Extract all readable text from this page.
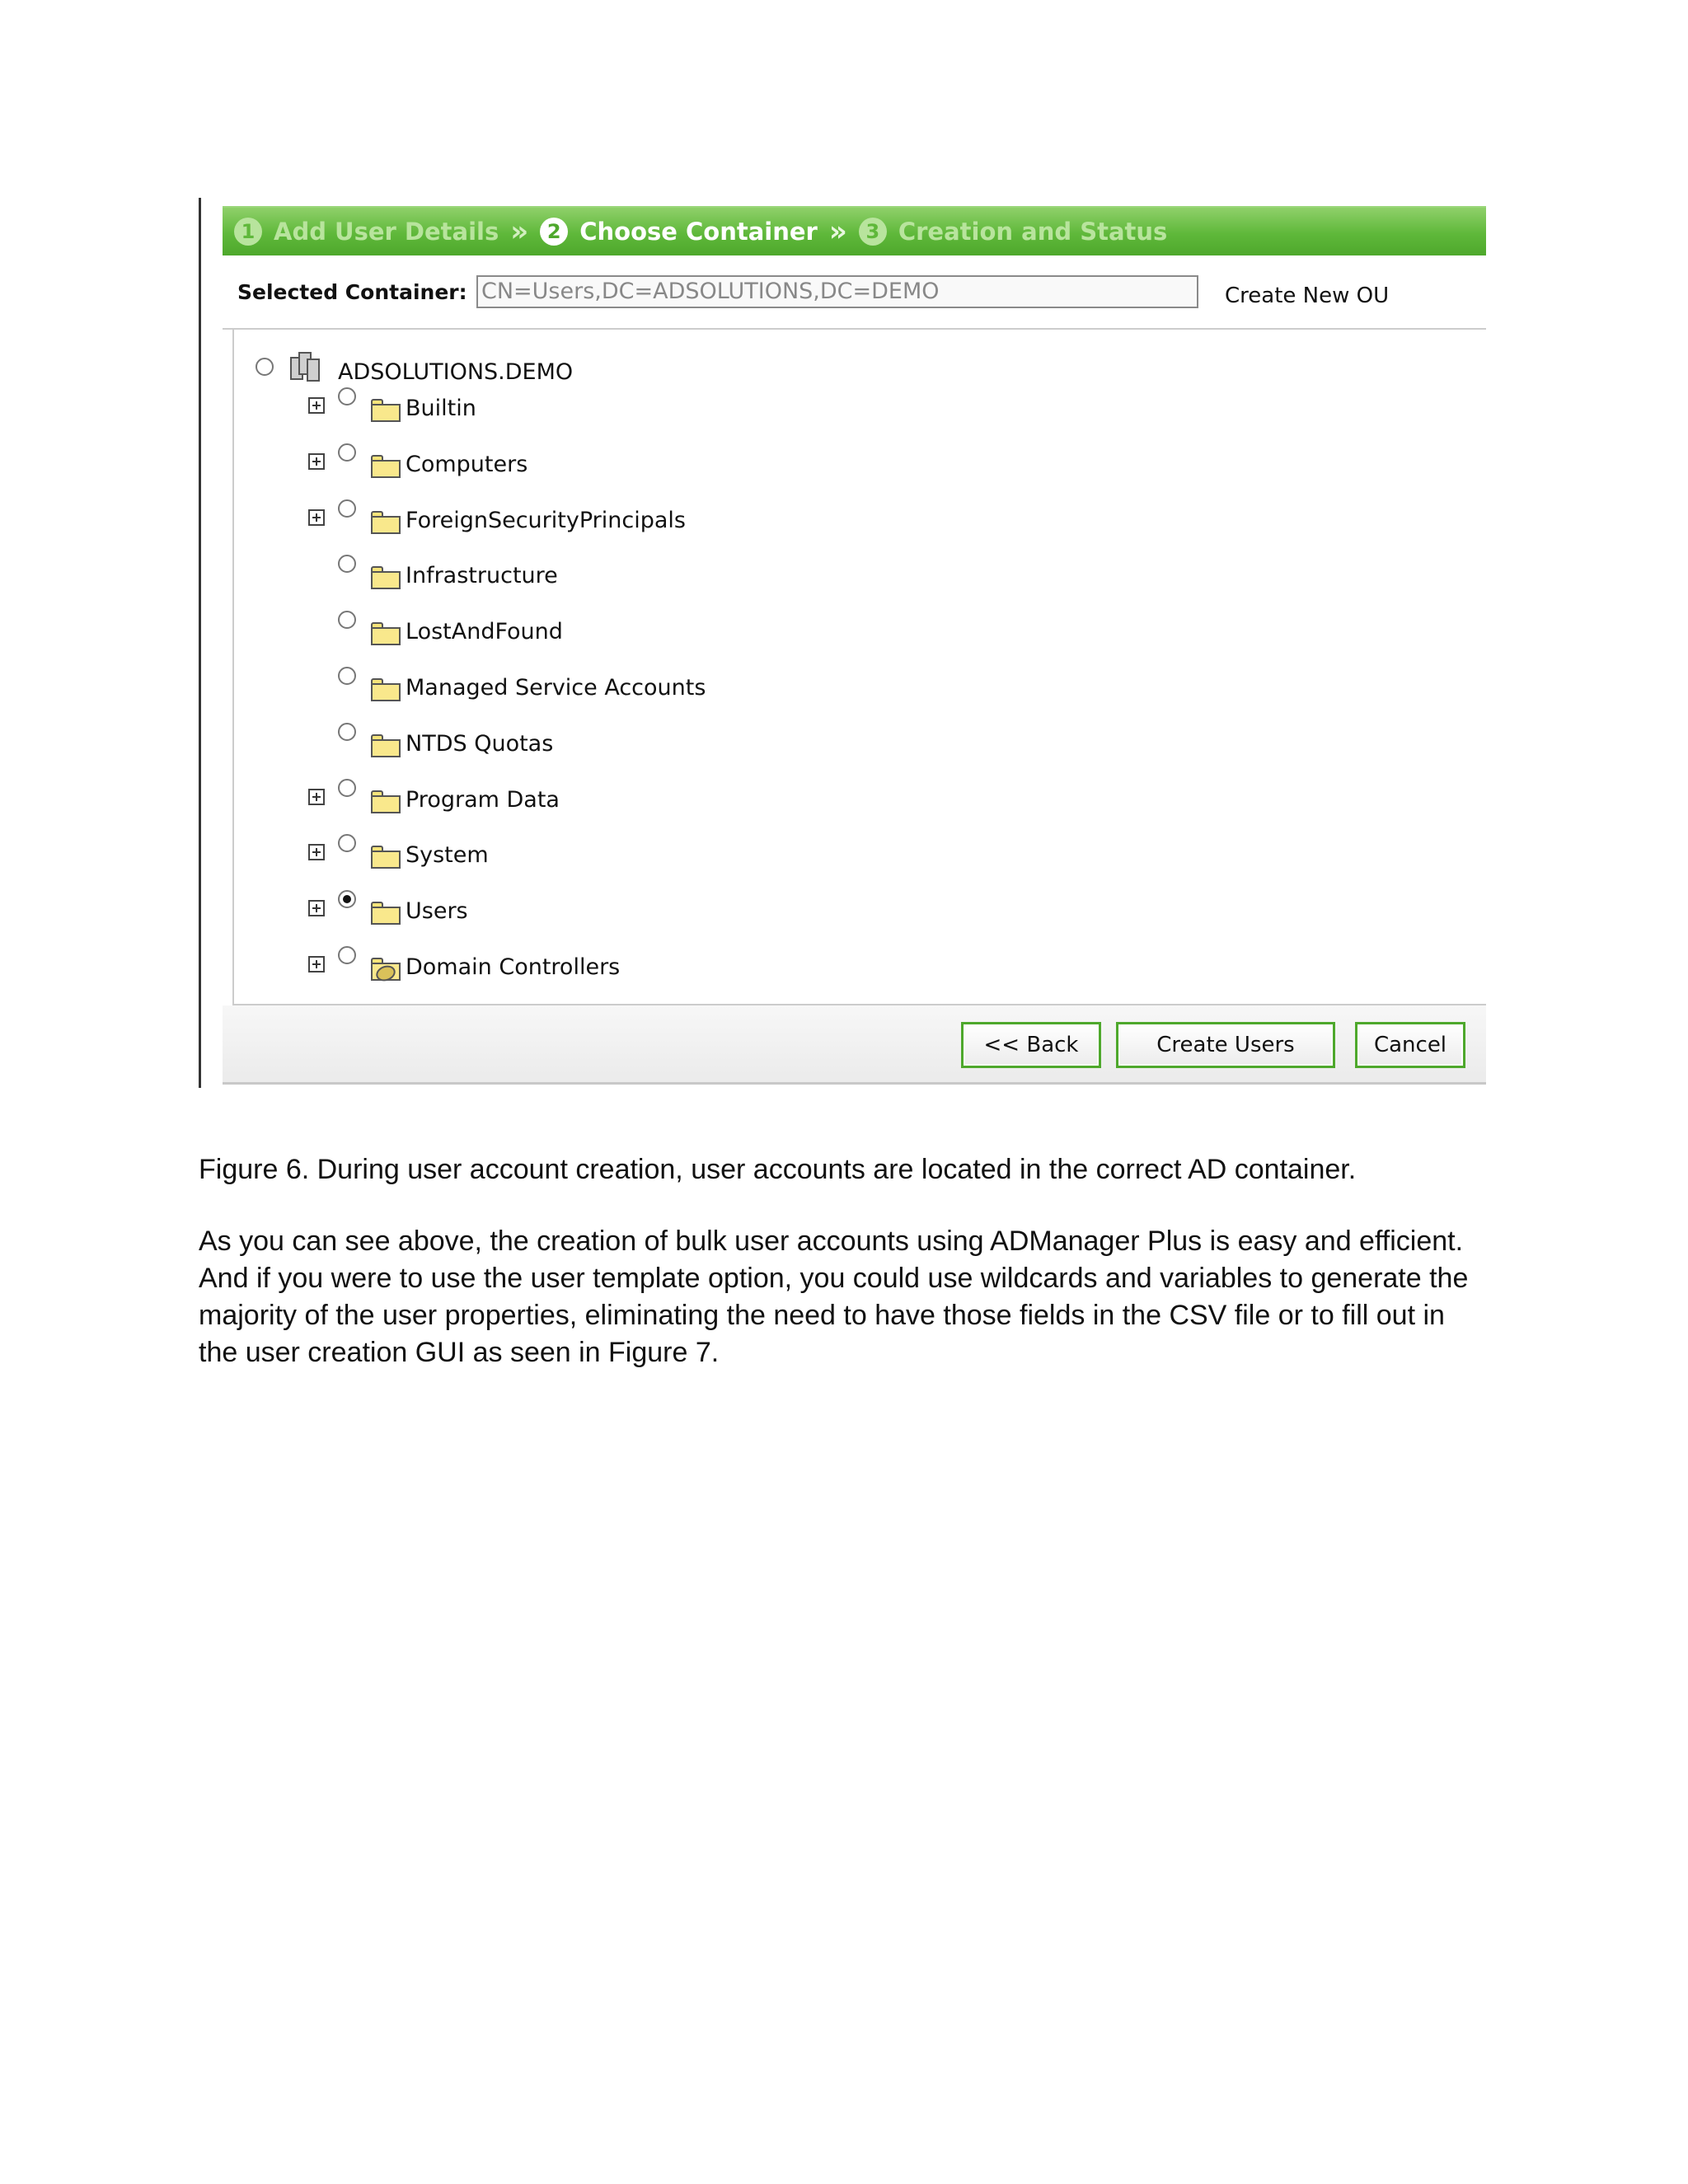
1 Add User Details » 2 Choose Container » 3 Creation and Status
Selected Container: CN=Users,DC=ADSOLUTIONS,DC=DEMO	Create New OU
ADSOLUTIONS.DEMO
Builtin
Computers
ForeignSecurityPrincipals
Infrastructure
LostAndFound
Managed Service Accounts
NTDS Quotas
Program Data
System
Users
Domain Controllers
<< Back	Create Users	Cancel
Figure 6. During user account creation, user accounts are located in the correct AD container.
As you can see above, the creation of bulk user accounts using ADManager Plus is easy and efficient.
And if you were to use the user template option, you could use wildcards and variables to generate the
majority of the user properties, eliminating the need to have those fields in the CSV file or to fill out in
the user creation GUI as seen in Figure 7.
